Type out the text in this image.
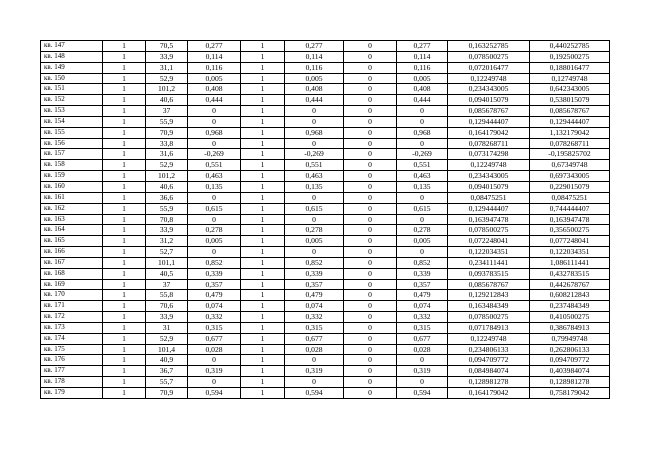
кв. 147	1	70,5	0,277	1	0,277	0	0,277	0,163252785	0,440252785
кв. 148	1	33,9	0,114	1	0,114	0	0,114	0,078500275	0,192500275
кв. 149	1	31,1	0,116	1	0,116	0	0,116	0,072016477	0,188016477
кв. 150	1	52,9	0,005	1	0,005	0	0,005	0,12249748	0,12749748
кв. 151	1	101,2	0,408	1	0,408	0	0,408	0,234343005	0,642343005
кв. 152	1	40,6	0,444	1	0,444	0	0,444	0,094015079	0,538015079
кв. 153	1	37	0	1	0	0	0	0,085678767	0,085678767
кв. 154	1	55,9	0	1	0	0	0	0,129444407	0,129444407
кв. 155	1	70,9	0,968	1	0,968	0	0,968	0,164179042	1,132179042
кв. 156	1	33,8	0	1	0	0	0	0,078268711	0,078268711
кв. 157	1	31,6	-0,269	1	-0,269	0	-0,269	0,073174298	-0,195825702
кв. 158	1	52,9	0,551	1	0,551	0	0,551	0,12249748	0,67349748
кв. 159	1	101,2	0,463	1	0,463	0	0,463	0,234343005	0,697343005
кв. 160	1	40,6	0,135	1	0,135	0	0,135	0,094015079	0,229015079
кв. 161	1	36,6	0	1	0	0	0	0,08475251	0,08475251
кв. 162	1	55,9	0,615	1	0,615	0	0,615	0,129444407	0,744444407
кв. 163	1	70,8	0	1	0	0	0	0,163947478	0,163947478
кв. 164	1	33,9	0,278	1	0,278	0	0,278	0,078500275	0,356500275
кв. 165	1	31,2	0,005	1	0,005	0	0,005	0,072248041	0,077248041
кв. 166	1	52,7	0	1	0	0	0	0,122034351	0,122034351
кв. 167	1	101,1	0,852	1	0,852	0	0,852	0,234111441	1,086111441
кв. 168	1	40,5	0,339	1	0,339	0	0,339	0,093783515	0,432783515
кв. 169	1	37	0,357	1	0,357	0	0,357	0,085678767	0,442678767
кв. 170	1	55,8	0,479	1	0,479	0	0,479	0,129212843	0,608212843
кв. 171	1	70,6	0,074	1	0,074	0	0,074	0,163484349	0,237484349
кв. 172	1	33,9	0,332	1	0,332	0	0,332	0,078500275	0,410500275
кв. 173	1	31	0,315	1	0,315	0	0,315	0,071784913	0,386784913
кв. 174	1	52,9	0,677	1	0,677	0	0,677	0,12249748	0,79949748
кв. 175	1	101,4	0,028	1	0,028	0	0,028	0,234806133	0,262806133
кв. 176	1	40,9	0	1	0	0	0	0,094709772	0,094709772
кв. 177	1	36,7	0,319	1	0,319	0	0,319	0,084984074	0,403984074
кв. 178	1	55,7	0	1	0	0	0	0,128981278	0,128981278
кв. 179	1	70,9	0,594	1	0,594	0	0,594	0,164179042	0,758179042
